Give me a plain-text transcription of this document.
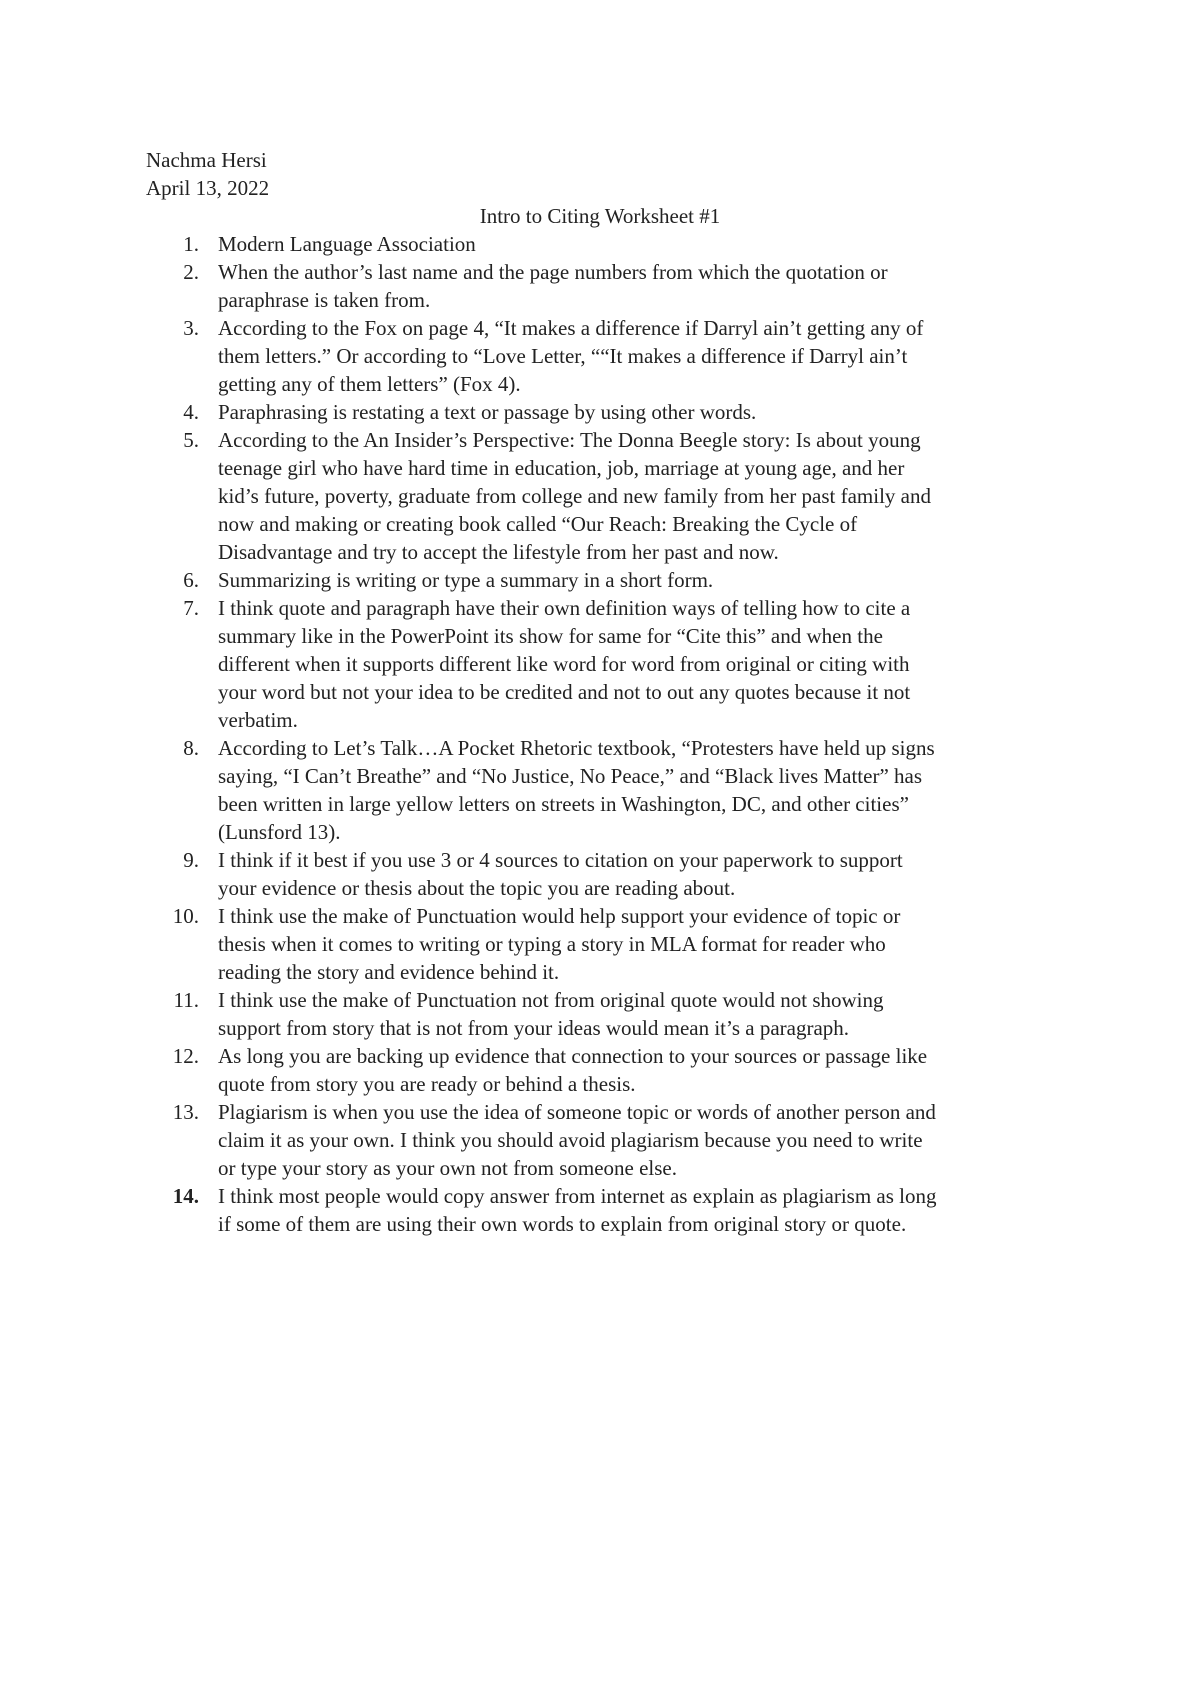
Nachma Hersi
April 13, 2022
Intro to Citing Worksheet #1
1. Modern Language Association
2. When the author’s last name and the page numbers from which the quotation or
paraphrase is taken from.
3. According to the Fox on page 4, “It makes a difference if Darryl ain’t getting any of
them letters.” Or according to “Love Letter, ““It makes a difference if Darryl ain’t
getting any of them letters” (Fox 4).
4. Paraphrasing is restating a text or passage by using other words.
5. According to the An Insider’s Perspective: The Donna Beegle story: Is about young
teenage girl who have hard time in education, job, marriage at young age, and her
kid’s future, poverty, graduate from college and new family from her past family and
now and making or creating book called “Our Reach: Breaking the Cycle of
Disadvantage and try to accept the lifestyle from her past and now.
6. Summarizing is writing or type a summary in a short form.
7. I think quote and paragraph have their own definition ways of telling how to cite a
summary like in the PowerPoint its show for same for “Cite this” and when the
different when it supports different like word for word from original or citing with
your word but not your idea to be credited and not to out any quotes because it not
verbatim.
8. According to Let’s Talk…A Pocket Rhetoric textbook, “Protesters have held up signs
saying, “I Can’t Breathe” and “No Justice, No Peace,” and “Black lives Matter” has
been written in large yellow letters on streets in Washington, DC, and other cities”
(Lunsford 13).
9. I think if it best if you use 3 or 4 sources to citation on your paperwork to support
your evidence or thesis about the topic you are reading about.
10. I think use the make of Punctuation would help support your evidence of topic or
thesis when it comes to writing or typing a story in MLA format for reader who
reading the story and evidence behind it.
11. I think use the make of Punctuation not from original quote would not showing
support from story that is not from your ideas would mean it’s a paragraph.
12. As long you are backing up evidence that connection to your sources or passage like
quote from story you are ready or behind a thesis.
13. Plagiarism is when you use the idea of someone topic or words of another person and
claim it as your own. I think you should avoid plagiarism because you need to write
or type your story as your own not from someone else.
14. I think most people would copy answer from internet as explain as plagiarism as long
if some of them are using their own words to explain from original story or quote.
